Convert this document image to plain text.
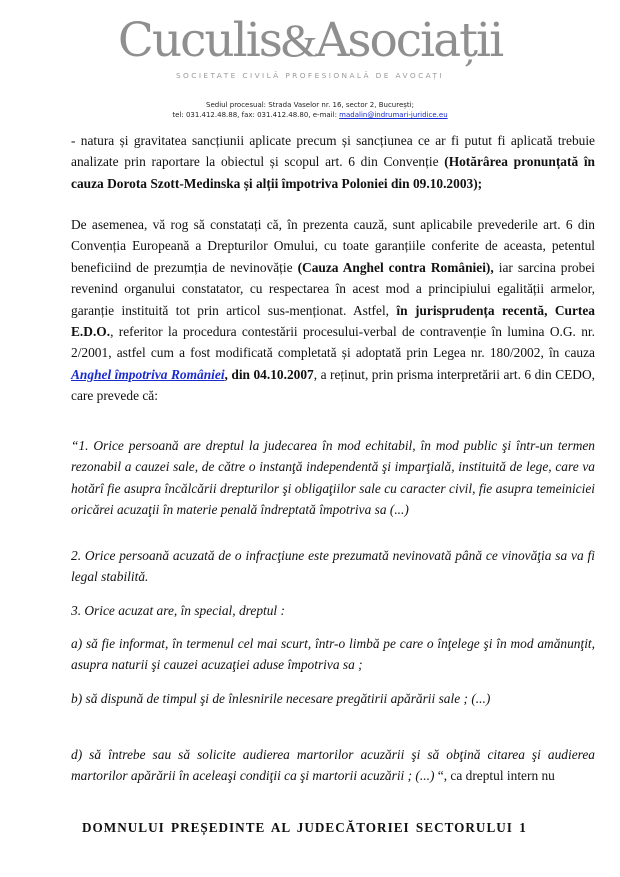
Cuculis&Asociații
SOCIETATE CIVILĂ PROFESIONALĂ DE AVOCAȚI
Sediul procesual: Strada Vaselor nr. 16, sector 2, București;
tel: 031.412.48.88, fax: 031.412.48.80, e-mail: madalin@indrumari-juridice.eu

- natura și gravitatea sancțiunii aplicate precum și sancțiunea ce ar fi putut fi aplicată trebuie analizate prin raportare la obiectul și scopul art. 6 din Convenție (Hotărârea pronunțată în cauza Dorota Szott-Medinska și alții împotriva Poloniei din 09.10.2003);

De asemenea, vă rog să constatați că, în prezenta cauză, sunt aplicabile prevederile art. 6 din Convenția Europeană a Drepturilor Omului, cu toate garanțiile conferite de aceasta, petentul beneficiind de prezumția de nevinovăție (Cauza Anghel contra României), iar sarcina probei revenind organului constatator, cu respectarea în acest mod a principiului egalității armelor, garanție instituită tot prin articol sus-menționat. Astfel, în jurisprudența recentă, Curtea E.D.O., referitor la procedura contestării procesului-verbal de contravenție în lumina O.G. nr. 2/2001, astfel cum a fost modificată completată și adoptată prin Legea nr. 180/2002, în cauza Anghel împotriva României, din 04.10.2007, a reținut, prin prisma interpretării art. 6 din CEDO, care prevede că:

“1. Orice persoană are dreptul la judecarea în mod echitabil, în mod public şi într-un termen rezonabil a cauzei sale, de către o instanţă independentă şi imparţială, instituită de lege, care va hotărî fie asupra încălcării drepturilor şi obligaţiilor sale cu caracter civil, fie asupra temeiniciei oricărei acuzaţii în materie penală îndreptată împotriva sa (...)

2. Orice persoană acuzată de o infracţiune este prezumată nevinovată până ce vinovăţia sa va fi legal stabilită.

3. Orice acuzat are, în special, dreptul :

a) să fie informat, în termenul cel mai scurt, într-o limbă pe care o înţelege şi în mod amănunţit, asupra naturii şi cauzei acuzaţiei aduse împotriva sa ;

b) să dispună de timpul şi de înlesnirile necesare pregătirii apărării sale ; (...)

d) să întrebe sau să solicite audierea martorilor acuzării şi să obţină citarea şi audierea martorilor apărării în aceleaşi condiţii ca şi martorii acuzării ; (...) “, ca dreptul intern nu

DOMNULUI PREȘEDINTE AL JUDECĂTORIEI SECTORULUI 1
